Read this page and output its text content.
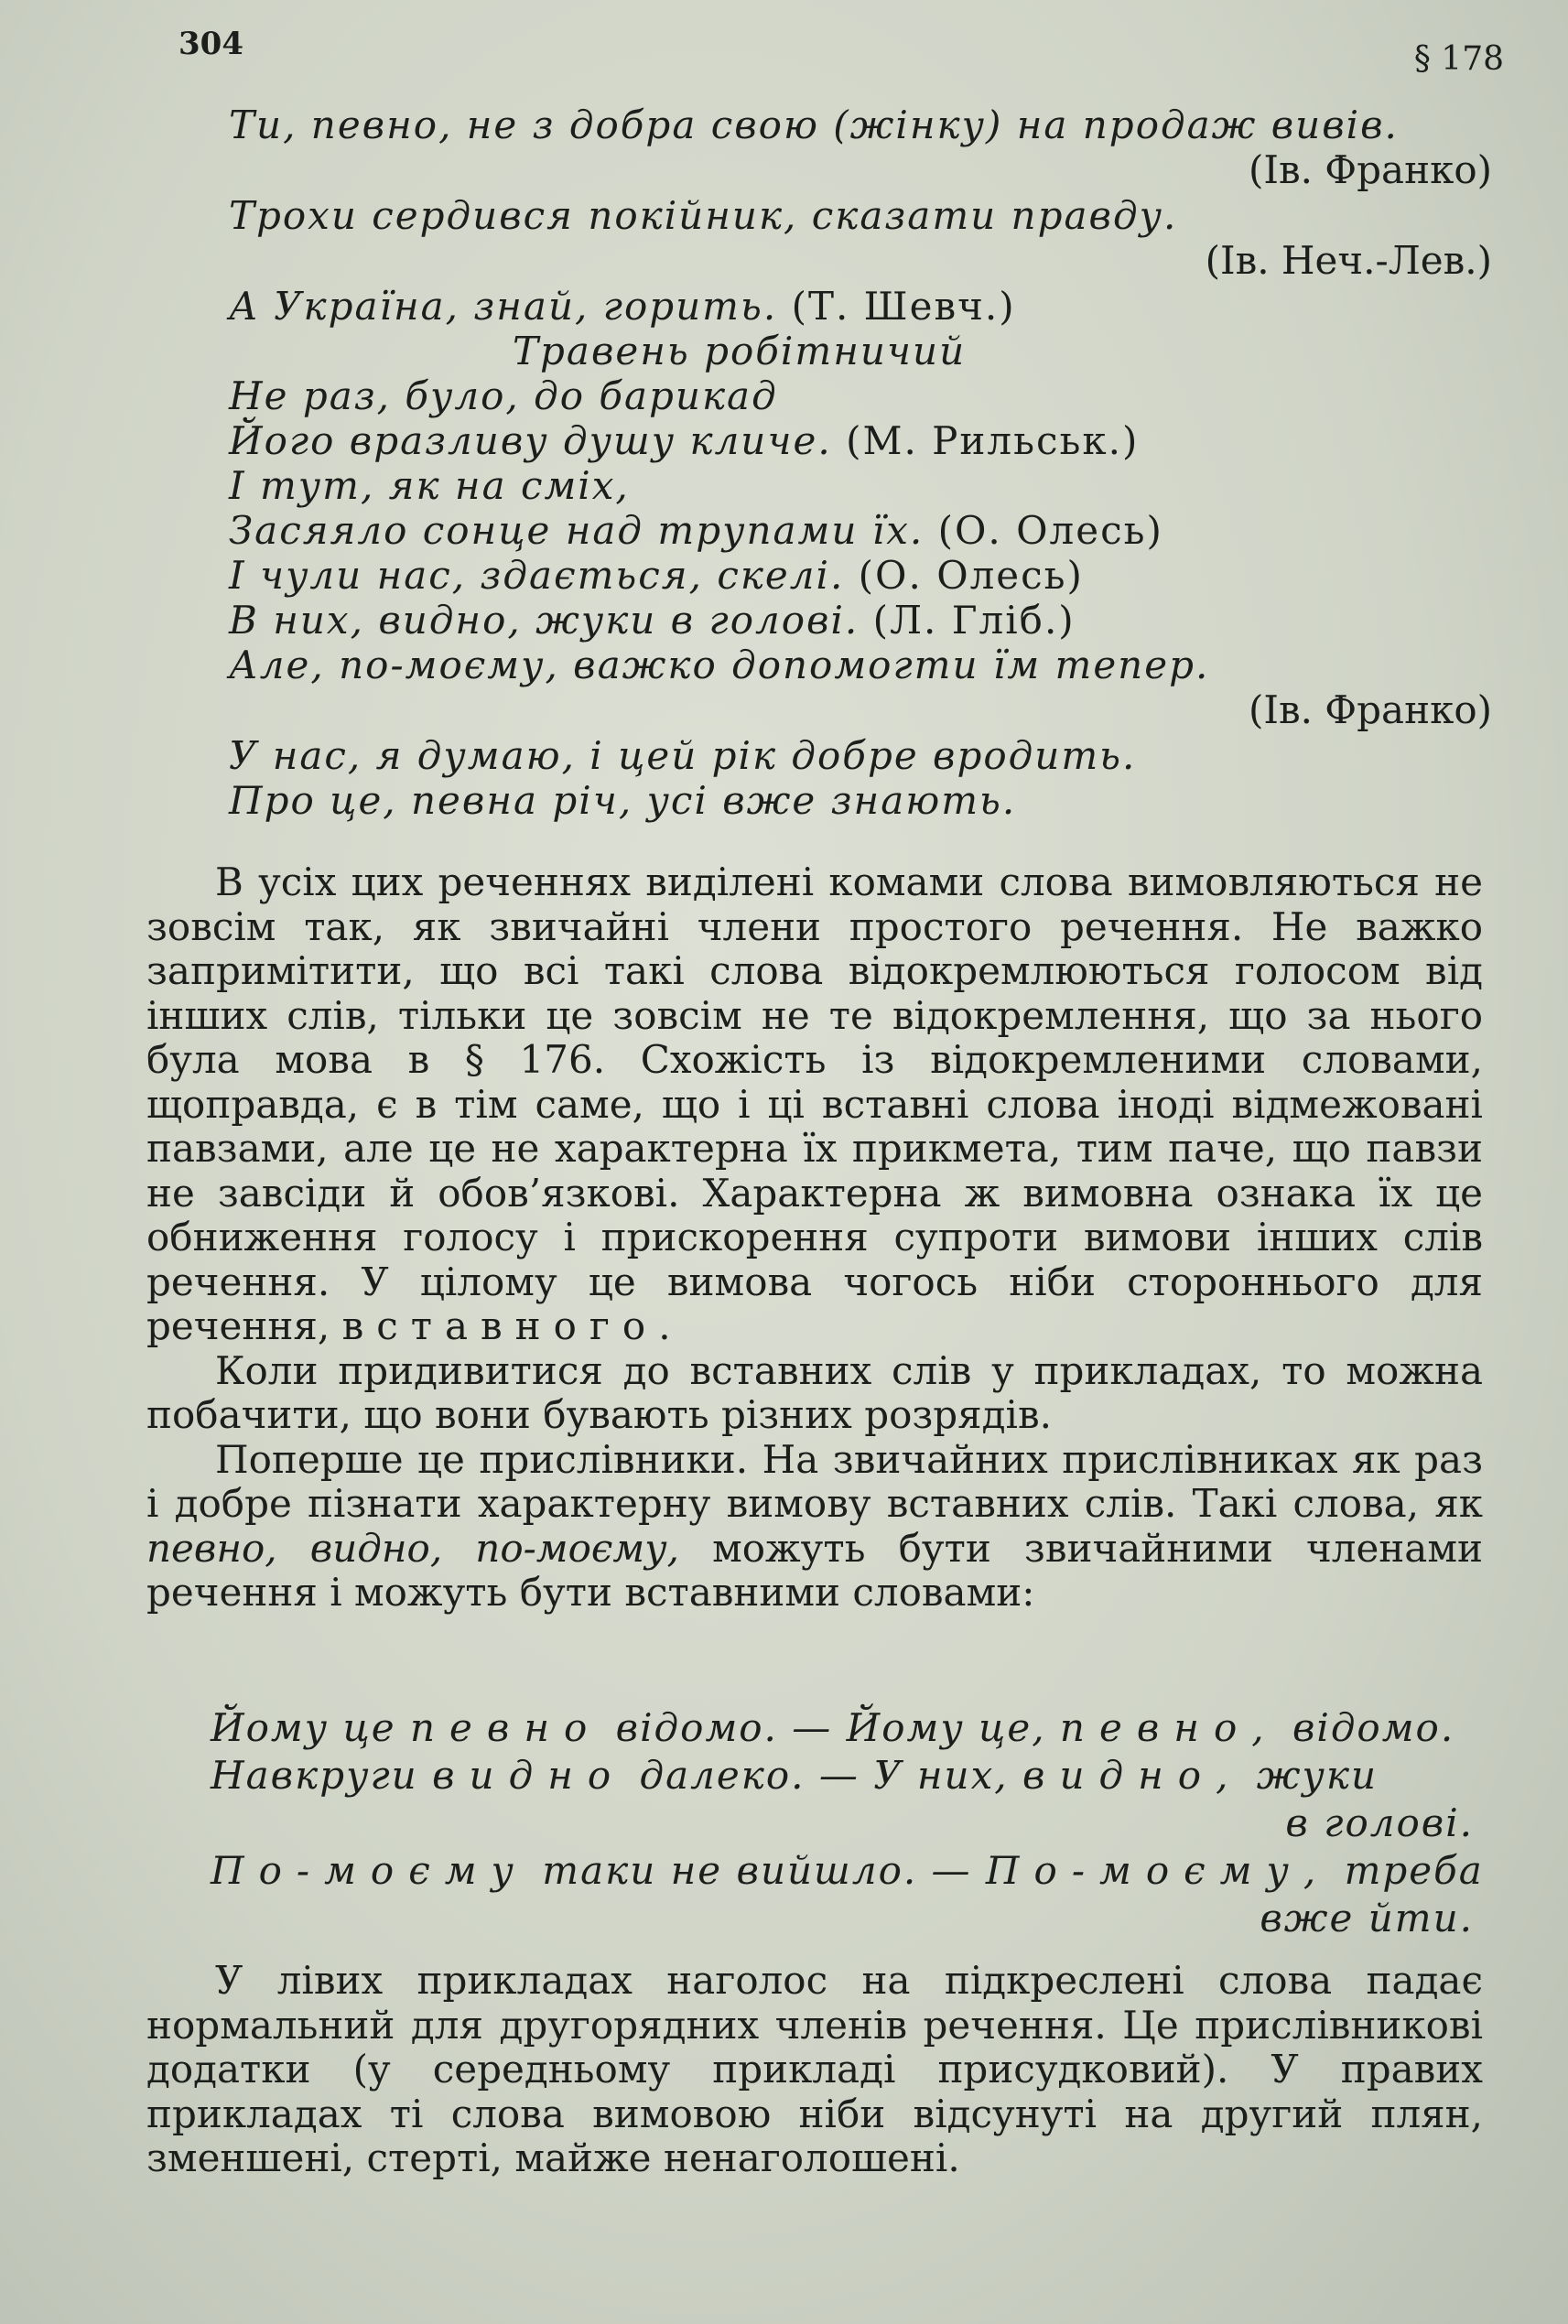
304	§ 178
Ти, певно, не з добра свою (жінку) на продаж вивів.
(Ів. Франко)
Трохи сердився покійник, сказати правду.
(Ів. Неч.-Лев.)
А Україна, знай, горить. (Т. Шевч.)
Травень робітничий
Не раз, було, до барикад
Його вразливу душу кличе. (М. Рильськ.)
І тут, як на сміх,
Засяяло сонце над трупами їх. (О. Олесь)
І чули нас, здається, скелі. (О. Олесь)
В них, видно, жуки в голові. (Л. Гліб.)
Але, по-моєму, важко допомогти їм тепер.
(Ів. Франко)
У нас, я думаю, і цей рік добре вродить.
Про це, певна річ, усі вже знають.

В усіх цих реченнях виділені комами слова вимовляються не зовсім так, як звичайні члени простого речення. Не важко запримітити, що всі такі слова відокремлюються голосом від інших слів, тільки це зовсім не те відокремлення, що за нього була мова в § 176. Схожість із відокремленими словами, щоправда, є в тім саме, що і ці вставні слова іноді відмежовані павзами, але це не характерна їх прикмета, тим паче, що павзи не завсіди й обов’язкові. Характерна ж вимовна ознака їх це обниження голосу і прискорення супроти вимови інших слів речення. У цілому це вимова чогось ніби стороннього для речення, вставного.

Коли придивитися до вставних слів у прикладах, то можна побачити, що вони бувають різних розрядів.

Поперше це прислівники. На звичайних прислівниках як раз і добре пізнати характерну вимову вставних слів. Такі слова, як певно, видно, по-моєму, можуть бути звичайними членами речення і можуть бути вставними словами:

Йому це певно відомо. — Йому це, певно, відомо.
Навкруги видно далеко. — У них, видно, жуки
в голові.
По-моєму таки не вийшло. — По-моєму, треба
вже йти.

У лівих прикладах наголос на підкреслені слова падає нормальний для другорядних членів речення. Це прислівникові додатки (у середньому прикладі присудковий). У правих прикладах ті слова вимовою ніби відсунуті на другий плян, зменшені, стерті, майже ненаголошені.
